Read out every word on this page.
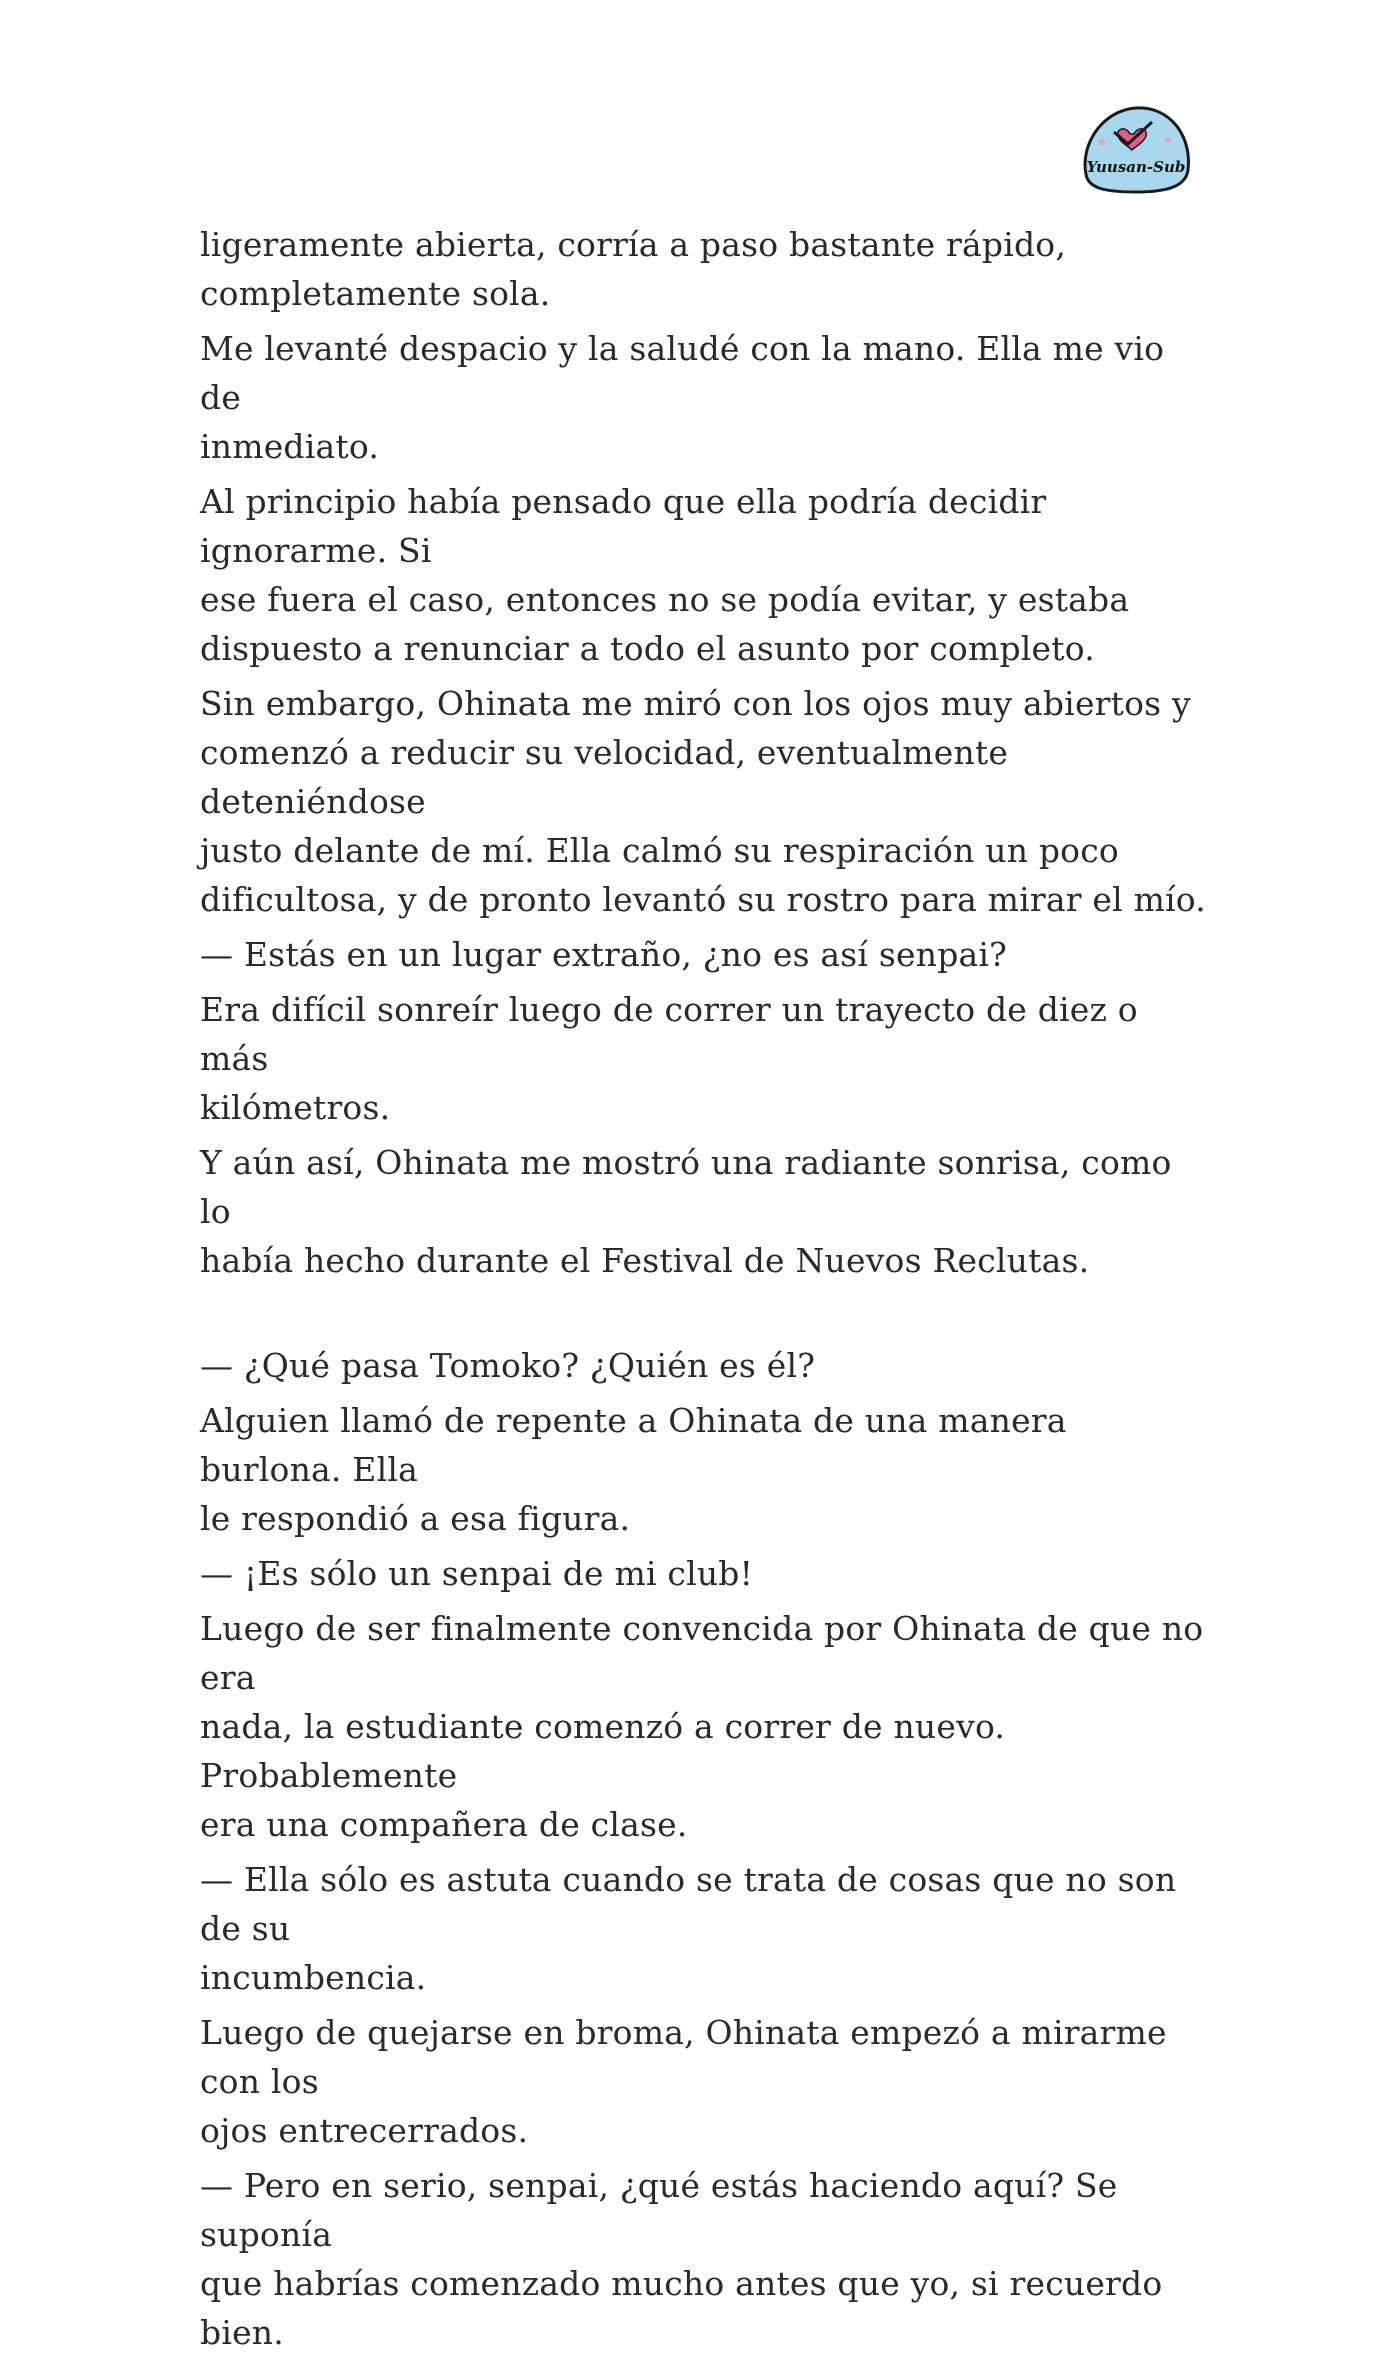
Yuusan-Sub

ligeramente abierta, corría a paso bastante rápido,
completamente sola.

Me levanté despacio y la saludé con la mano. Ella me vio de
inmediato.

Al principio había pensado que ella podría decidir ignorarme. Si
ese fuera el caso, entonces no se podía evitar, y estaba
dispuesto a renunciar a todo el asunto por completo.

Sin embargo, Ohinata me miró con los ojos muy abiertos y
comenzó a reducir su velocidad, eventualmente deteniéndose
justo delante de mí. Ella calmó su respiración un poco
dificultosa, y de pronto levantó su rostro para mirar el mío.

— Estás en un lugar extraño, ¿no es así senpai?

Era difícil sonreír luego de correr un trayecto de diez o más
kilómetros.

Y aún así, Ohinata me mostró una radiante sonrisa, como lo
había hecho durante el Festival de Nuevos Reclutas.

— ¿Qué pasa Tomoko? ¿Quién es él?

Alguien llamó de repente a Ohinata de una manera burlona. Ella
le respondió a esa figura.

— ¡Es sólo un senpai de mi club!

Luego de ser finalmente convencida por Ohinata de que no era
nada, la estudiante comenzó a correr de nuevo. Probablemente
era una compañera de clase.

— Ella sólo es astuta cuando se trata de cosas que no son de su
incumbencia.

Luego de quejarse en broma, Ohinata empezó a mirarme con los
ojos entrecerrados.

— Pero en serio, senpai, ¿qué estás haciendo aquí? Se suponía
que habrías comenzado mucho antes que yo, si recuerdo bien.
